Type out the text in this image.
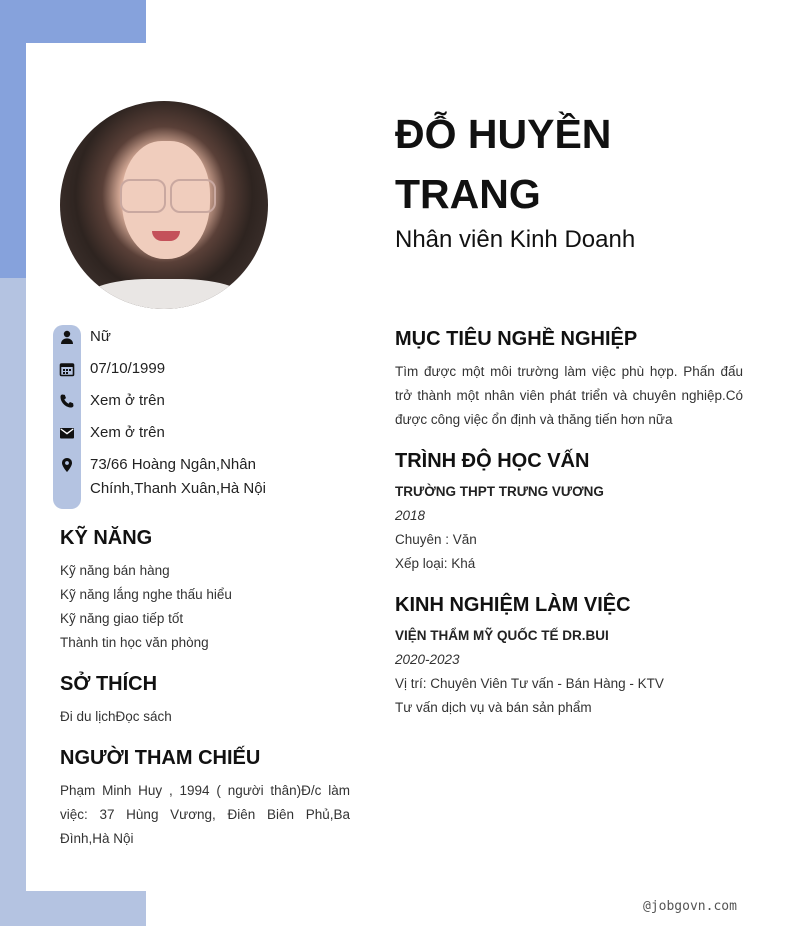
Nữ
07/10/1999
Xem ở trên
Xem ở trên
73/66 Hoàng Ngân,Nhân
Chính,Thanh Xuân,Hà Nội
KỸ NĂNG
Kỹ năng bán hàng
Kỹ năng lắng nghe thấu hiểu
Kỹ năng giao tiếp tốt
Thành tin học văn phòng
SỞ THÍCH
Đi du lịchĐọc sách
NGƯỜI THAM CHIẾU
Phạm Minh Huy , 1994 ( người thân)Đ/c làm việc: 37 Hùng Vương, Điên Biên Phủ,Ba Đình,Hà Nội
ĐỖ HUYỀN TRANG
Nhân viên Kinh Doanh
MỤC TIÊU NGHỀ NGHIỆP
Tìm được một môi trường làm việc phù hợp. Phấn đấu trở thành một nhân viên phát triển và chuyên nghiệp.Có được công việc ổn định và thăng tiến hơn nữa
TRÌNH ĐỘ HỌC VẤN
TRƯỜNG THPT TRƯNG VƯƠNG
2018
Chuyên : Văn
Xếp loại: Khá
KINH NGHIỆM LÀM VIỆC
VIỆN THẨM MỸ QUỐC TẾ DR.BUI
2020-2023
Vị trí: Chuyên Viên Tư vấn - Bán Hàng - KTV
Tư vấn dịch vụ và bán sản phẩm
@jobgovn.com
